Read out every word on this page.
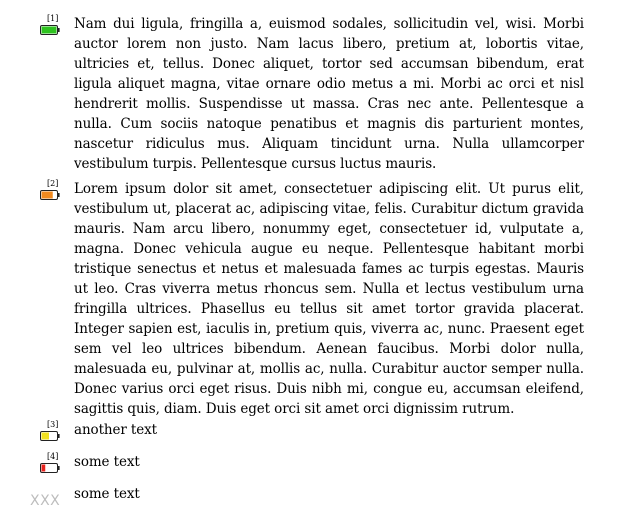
[1] Nam dui ligula, fringilla a, euismod sodales, sollicitudin vel, wisi. Morbi auctor lorem non justo. Nam lacus libero, pretium at, lobortis vitae, ultricies et, tellus. Donec aliquet, tortor sed accumsan bibendum, erat ligula aliquet magna, vitae ornare odio metus a mi. Morbi ac orci et nisl hendrerit mollis. Suspendisse ut massa. Cras nec ante. Pellentesque a nulla. Cum sociis natoque penatibus et magnis dis parturient montes, nascetur ridiculus mus. Aliquam tincidunt urna. Nulla ullamcorper vestibulum turpis. Pellentesque cursus luctus mauris.
[2] Lorem ipsum dolor sit amet, consectetuer adipiscing elit. Ut purus elit, vestibulum ut, placerat ac, adipiscing vitae, felis. Curabitur dictum gravida mauris. Nam arcu libero, nonummy eget, consectetuer id, vulputate a, magna. Donec vehicula augue eu neque. Pellentesque habitant morbi tristique senectus et netus et malesuada fames ac turpis egestas. Mauris ut leo. Cras viverra metus rhoncus sem. Nulla et lectus vestibulum urna fringilla ultrices. Phasellus eu tellus sit amet tortor gravida placerat. Integer sapien est, iaculis in, pretium quis, viverra ac, nunc. Praesent eget sem vel leo ultrices bibendum. Aenean faucibus. Morbi dolor nulla, malesuada eu, pulvinar at, mollis ac, nulla. Curabitur auctor semper nulla. Donec varius orci eget risus. Duis nibh mi, congue eu, accumsan eleifend, sagittis quis, diam. Duis eget orci sit amet orci dignissim rutrum.
[3] another text
[4] some text
some text
XXX
